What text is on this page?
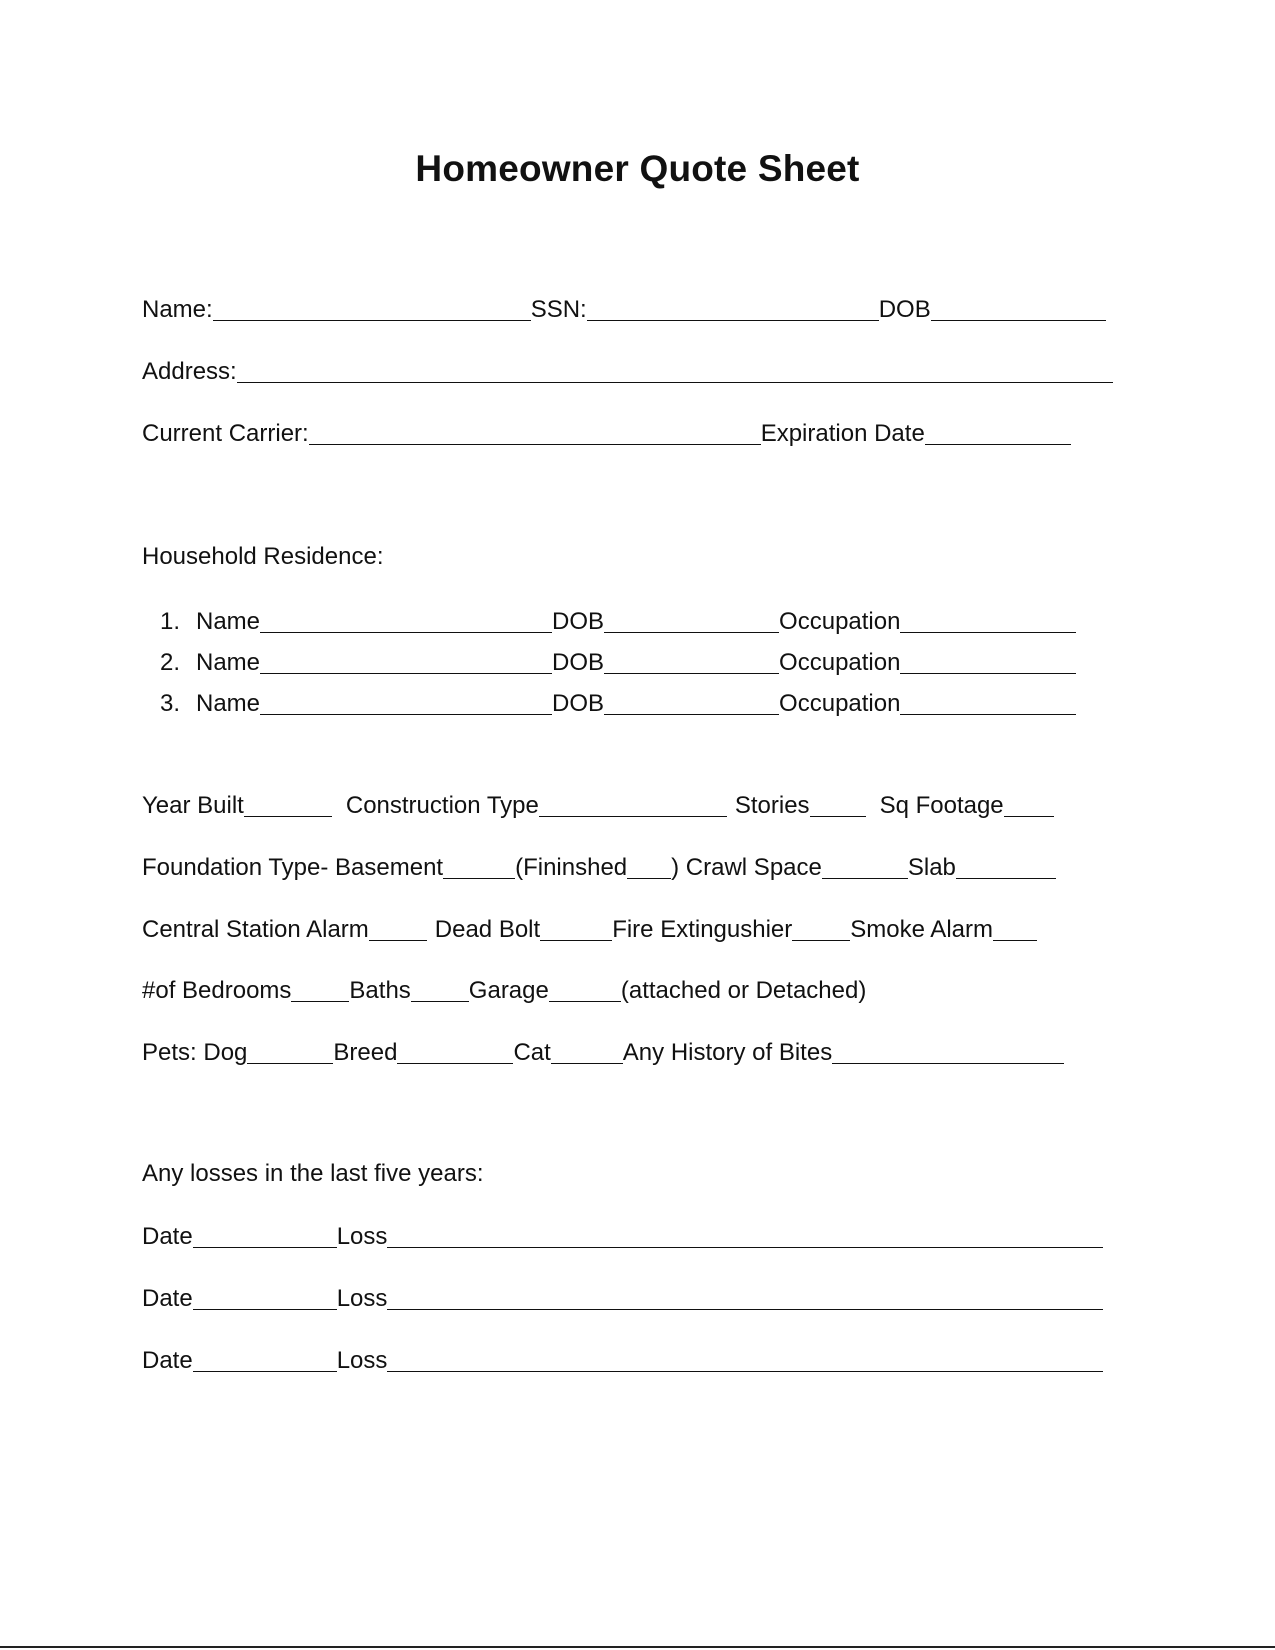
Homeowner Quote Sheet
Name:	SSN:	DOB
Address:
Current Carrier:	Expiration Date
Household Residence:
1. Name	DOB	Occupation
2. Name	DOB	Occupation
3. Name	DOB	Occupation
Year Built	Construction Type	Stories	Sq Footage
Foundation Type- Basement	(Fininshed ) Crawl Space	Slab
Central Station Alarm	Dead Bolt	Fire Extingushier Smoke Alarm
#of Bedrooms Baths Garage	(attached or Detached)
Pets: Dog	Breed	Cat	Any History of Bites
Any losses in the last five years:
Date	Loss
Date	Loss
Date	Loss
